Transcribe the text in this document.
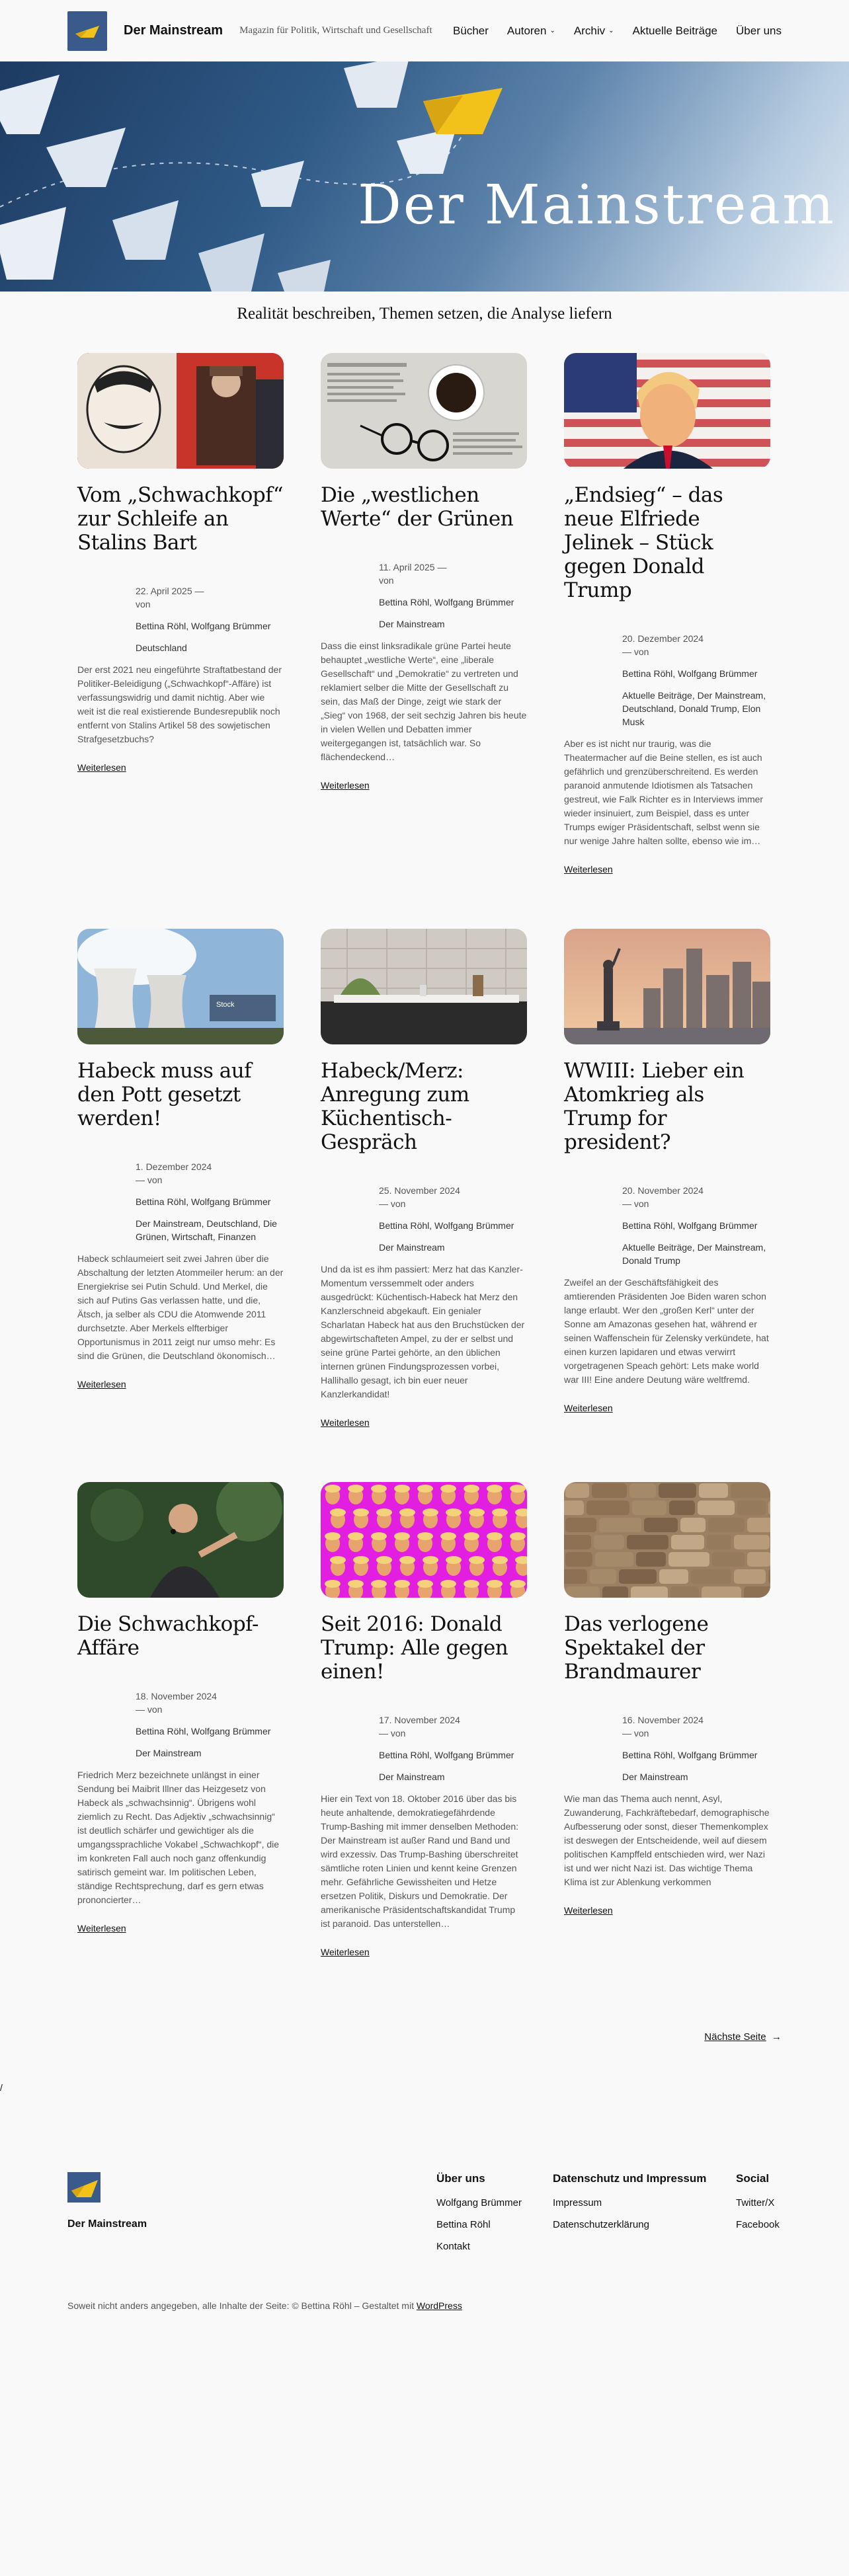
Der Mainstream Magazin für Politik, Wirtschaft und Gesellschaft Bücher Autoren ⌄ Archiv ⌄ Aktuelle Beiträge Über uns
Der Mainstream
Realität beschreiben, Themen setzen, die Analyse liefern
Vom „Schwachkopf“ zur Schleife an Stalins Bart
22. April 2025 —
von
Bettina Röhl, Wolfgang Brümmer
Deutschland

Der erst 2021 neu eingeführte Straftatbestand der Politiker-Beleidigung („Schwachkopf“-Affäre) ist verfassungswidrig und damit nichtig. Aber wie weit ist die real existierende Bundesrepublik noch entfernt von Stalins Artikel 58 des sowjetischen Strafgesetzbuchs?

Weiterlesen
Die „westlichen Werte“ der Grünen
11. April 2025 —
von
Bettina Röhl, Wolfgang Brümmer
Der Mainstream

Dass die einst linksradikale grüne Partei heute behauptet „westliche Werte“, eine „liberale Gesellschaft“ und „Demokratie“ zu vertreten und reklamiert selber die Mitte der Gesellschaft zu sein, das Maß der Dinge, zeigt wie stark der „Sieg“ von 1968, der seit sechzig Jahren bis heute in vielen Wellen und Debatten immer weitergegangen ist, tatsächlich war. So flächendeckend…

Weiterlesen
„Endsieg“ – das neue Elfriede Jelinek – Stück gegen Donald Trump
20. Dezember 2024
— von
Bettina Röhl, Wolfgang Brümmer
Aktuelle Beiträge, Der Mainstream, Deutschland, Donald Trump, Elon Musk

Aber es ist nicht nur traurig, was die Theatermacher auf die Beine stellen, es ist auch gefährlich und grenzüberschreitend. Es werden paranoid anmutende Idiotismen als Tatsachen gestreut, wie Falk Richter es in Interviews immer wieder insinuiert, zum Beispiel, dass es unter Trumps ewiger Präsidentschaft, selbst wenn sie nur wenige Jahre halten sollte, ebenso wie im…

Weiterlesen
Stock
Habeck muss auf den Pott gesetzt werden!
1. Dezember 2024
— von
Bettina Röhl, Wolfgang Brümmer
Der Mainstream, Deutschland, Die Grünen, Wirtschaft, Finanzen

Habeck schlaumeiert seit zwei Jahren über die Abschaltung der letzten Atommeiler herum: an der Energiekrise sei Putin Schuld. Und Merkel, die sich auf Putins Gas verlassen hatte, und die, Ätsch, ja selber als CDU die Atomwende 2011 durchsetzte. Aber Merkels elfterbiger Opportunismus in 2011 zeigt nur umso mehr: Es sind die Grünen, die Deutschland ökonomisch…

Weiterlesen
Habeck/Merz: Anregung zum Küchentisch-Gespräch
25. November 2024
— von
Bettina Röhl, Wolfgang Brümmer
Der Mainstream

Und da ist es ihm passiert: Merz hat das Kanzler-Momentum verssemmelt oder anders ausgedrückt: Küchentisch-Habeck hat Merz den Kanzlerschneid abgekauft. Ein genialer Scharlatan Habeck hat aus den Bruchstücken der abgewirtschafteten Ampel, zu der er selbst und seine grüne Partei gehörte, an den üblichen internen grünen Findungsprozessen vorbei, Hallihallo gesagt, ich bin euer neuer Kanzlerkandidat!

Weiterlesen
WWIII: Lieber ein Atomkrieg als Trump for president?
20. November 2024
— von
Bettina Röhl, Wolfgang Brümmer
Aktuelle Beiträge, Der Mainstream, Donald Trump

Zweifel an der Geschäftsfähigkeit des amtierenden Präsidenten Joe Biden waren schon lange erlaubt. Wer den „großen Kerl“ unter der Sonne am Amazonas gesehen hat, während er seinen Waffenschein für Zelensky verkündete, hat einen kurzen lapidaren und etwas verwirrt vorgetragenen Speach gehört: Lets make world war III! Eine andere Deutung wäre weltfremd.

Weiterlesen
Die Schwachkopf-Affäre
18. November 2024
— von
Bettina Röhl, Wolfgang Brümmer
Der Mainstream

Friedrich Merz bezeichnete unlängst in einer Sendung bei Maibrit Illner das Heizgesetz von Habeck als „schwachsinnig“. Übrigens wohl ziemlich zu Recht. Das Adjektiv „schwachsinnig“ ist deutlich schärfer und gewichtiger als die umgangssprachliche Vokabel „Schwachkopf“, die im konkreten Fall auch noch ganz offenkundig satirisch gemeint war. Im politischen Leben, ständige Rechtsprechung, darf es gern etwas prononcierter…

Weiterlesen
Seit 2016: Donald Trump: Alle gegen einen!
17. November 2024
— von
Bettina Röhl, Wolfgang Brümmer
Der Mainstream

Hier ein Text von 18. Oktober 2016 über das bis heute anhaltende, demokratiegefährdende Trump-Bashing mit immer denselben Methoden: Der Mainstream ist außer Rand und Band und wird exzessiv. Das Trump-Bashing überschreitet sämtliche roten Linien und kennt keine Grenzen mehr. Gefährliche Gewissheiten und Hetze ersetzen Politik, Diskurs und Demokratie. Der amerikanische Präsidentschaftskandidat Trump ist paranoid. Das unterstellen…

Weiterlesen
Das verlogene Spektakel der Brandmaurer
16. November 2024
— von
Bettina Röhl, Wolfgang Brümmer
Der Mainstream

Wie man das Thema auch nennt, Asyl, Zuwanderung, Fachkräftebedarf, demographische Aufbesserung oder sonst, dieser Themenkomplex ist deswegen der Entscheidende, weil auf diesem politischen Kampffeld entschieden wird, wer Nazi ist und wer nicht Nazi ist. Das wichtige Thema Klima ist zur Ablenkung verkommen

Weiterlesen
Nächste Seite →
/
Der Mainstream
Über uns
Wolfgang Brümmer
Bettina Röhl
Kontakt
Datenschutz und Impressum
Impressum
Datenschutzerklärung
Social
Twitter/X
Facebook
Soweit nicht anders angegeben, alle Inhalte der Seite: © Bettina Röhl – Gestaltet mit WordPress
